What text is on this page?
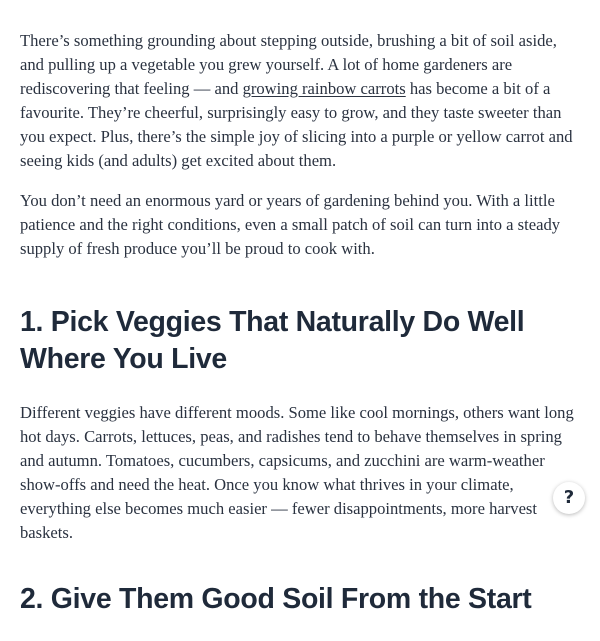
There’s something grounding about stepping outside, brushing a bit of soil aside, and pulling up a vegetable you grew yourself. A lot of home gardeners are rediscovering that feeling — and growing rainbow carrots has become a bit of a favourite. They’re cheerful, surprisingly easy to grow, and they taste sweeter than you expect. Plus, there’s the simple joy of slicing into a purple or yellow carrot and seeing kids (and adults) get excited about them.

You don’t need an enormous yard or years of gardening behind you. With a little patience and the right conditions, even a small patch of soil can turn into a steady supply of fresh produce you’ll be proud to cook with.

1. Pick Veggies That Naturally Do Well Where You Live

Different veggies have different moods. Some like cool mornings, others want long hot days. Carrots, lettuces, peas, and radishes tend to behave themselves in spring and autumn. Tomatoes, cucumbers, capsicums, and zucchini are warm-weather show-offs and need the heat. Once you know what thrives in your climate, everything else becomes much easier — fewer disappointments, more harvest baskets.

2. Give Them Good Soil From the Start
?
